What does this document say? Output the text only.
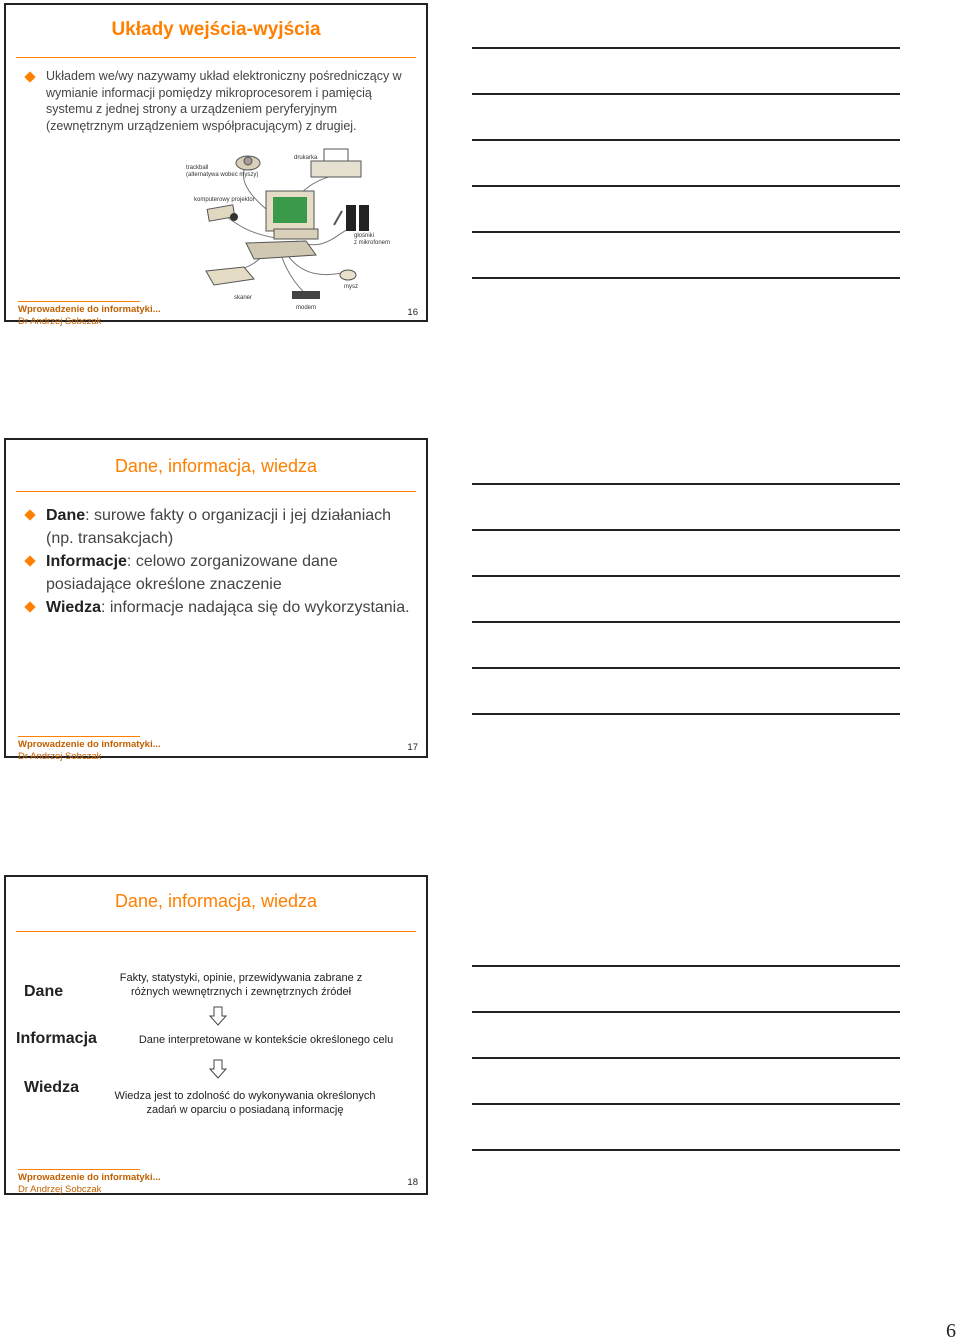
Układy wejścia-wyjścia
Układem we/wy nazywamy układ elektroniczny pośredniczący w wymianie informacji pomiędzy mikroprocesorem i pamięcią systemu z jednej strony a urządzeniem peryferyjnym (zewnętrznym urządzeniem współpracującym) z drugiej.
trackball
(alternatywa wobec myszy)
drukarka
komputerowy projektor
głośniki
z mikrofonem
skaner
modem
mysz
Wprowadzenie do informatyki...
Dr Andrzej Sobczak
16
Dane, informacja, wiedza
Dane: surowe fakty o organizacji i jej działaniach (np. transakcjach)
Informacje: celowo zorganizowane dane posiadające określone znaczenie
Wiedza: informacje nadająca się do wykorzystania.
Wprowadzenie do informatyki...
Dr Andrzej Sobczak
17
Dane, informacja, wiedza
Dane
Fakty, statystyki, opinie, przewidywania zabrane z
różnych wewnętrznych i zewnętrznych źródeł
Informacja	Dane interpretowane w kontekście określonego celu
Wiedza	Wiedza jest to zdolność do wykonywania określonych
zadań w oparciu o posiadaną informację
Wprowadzenie do informatyki...
Dr Andrzej Sobczak
18
6
